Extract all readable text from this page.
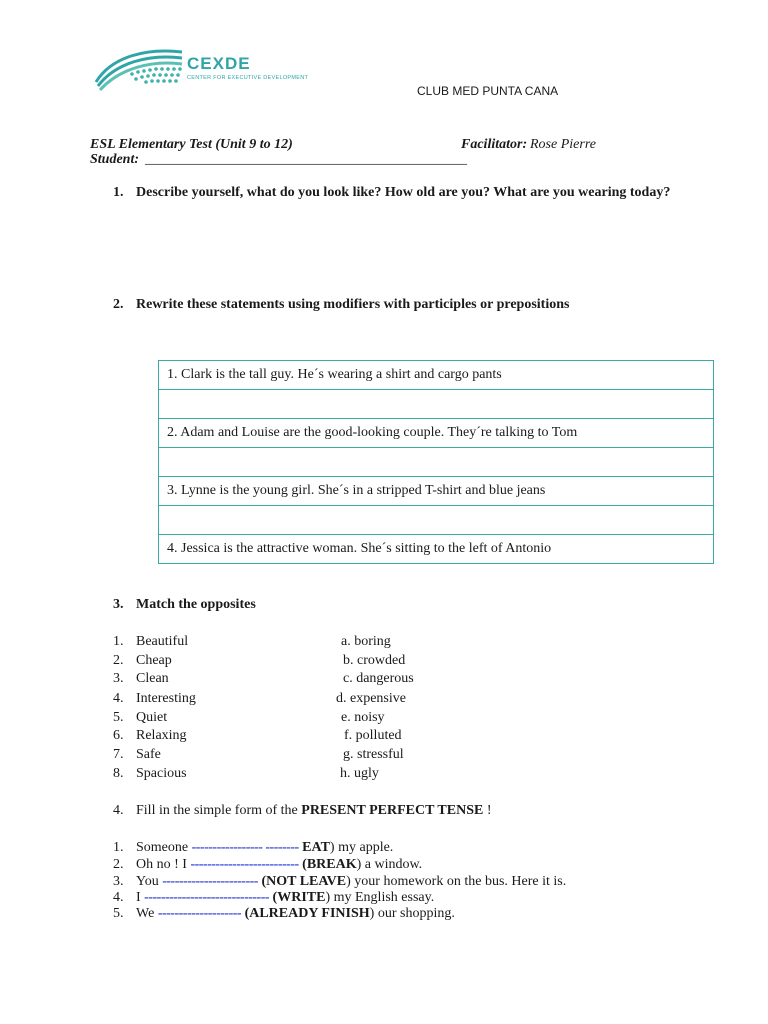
CEXDE
CENTER FOR EXECUTIVE DEVELOPMENT
CLUB MED PUNTA CANA
ESL Elementary Test (Unit 9 to 12)	Facilitator: Rose Pierre
Student: ______________________________________________
1. Describe yourself, what do you look like? How old are you? What are you wearing today?
2. Rewrite these statements using modifiers with participles or prepositions
1. Clark is the tall guy. He´s wearing a shirt and cargo pants

2. Adam and Louise are the good-looking couple. They´re talking to Tom

3. Lynne is the young girl. She´s in a stripped T-shirt and blue jeans

4. Jessica is the attractive woman. She´s sitting to the left of Antonio
3. Match the opposites
1. Beautiful	a. boring
2. Cheap	b. crowded
3. Clean	c. dangerous
4. Interesting	d. expensive
5. Quiet	e. noisy
6. Relaxing	f. polluted
7. Safe	g. stressful
8. Spacious	h. ugly
4. Fill in the simple form of the PRESENT PERFECT TENSE !
1. Someone ----------------- -------- EAT) my apple.
2. Oh no ! I -------------------------- (BREAK) a window.
3. You ----------------------- (NOT LEAVE) your homework on the bus. Here it is.
4. I ------------------------------ (WRITE) my English essay.
5. We -------------------- (ALREADY FINISH) our shopping.
